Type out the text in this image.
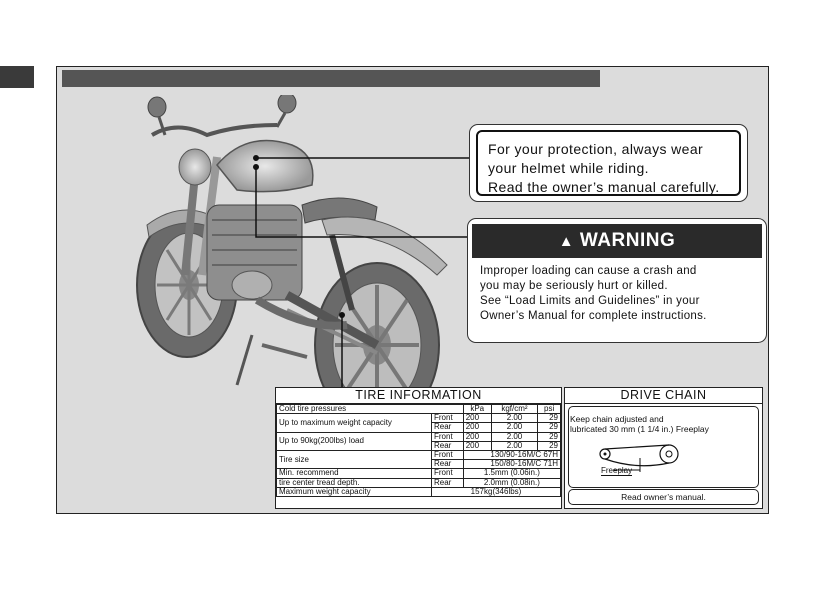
For your protection, always wear
your helmet while riding.
Read the owner’s manual carefully.
▲ WARNING
Improper loading can cause a crash and
you may be seriously hurt or killed.
See “Load Limits and Guidelines” in your
Owner’s Manual for complete instructions.
TIRE INFORMATION
Cold tire pressures		kPa	kgf/cm²	psi
Up to maximum weight capacity	Front	200	2.00	29
	Rear	200	2.00	29
Up to 90kg(200lbs) load	Front	200	2.00	29
	Rear	200	2.00	29
Tire size	Front	130/90-16M/C 67H		
	Rear	150/80-16M/C 71H		
Min. recommend	Front	1.5mm (0.06in.)		
tire center tread depth.	Rear	2.0mm (0.08in.)		
Maximum weight capacity	157kg(346lbs)			
DRIVE CHAIN
Keep chain adjusted and
lubricated 30 mm (1 1/4 in.) Freeplay
Freeplay
Read owner’s manual.
